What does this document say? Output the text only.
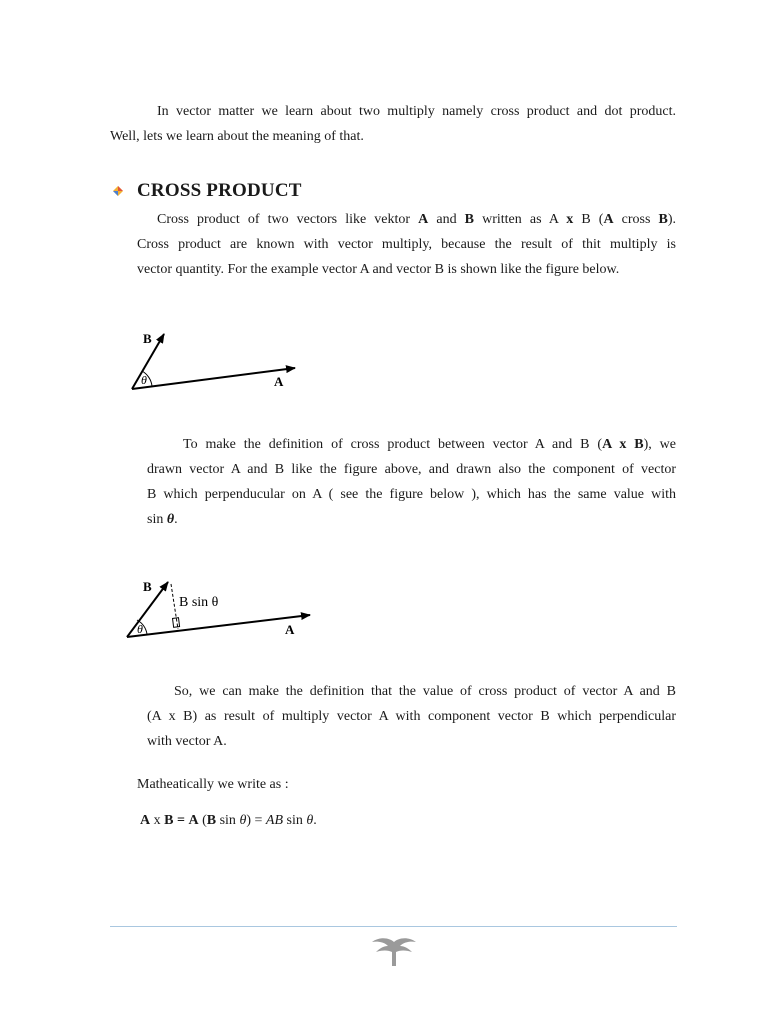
In vector matter we learn about two multiply namely cross product and dot product.
Well, lets we learn about the meaning of that.
CROSS PRODUCT
Cross product of two vectors like vektor A and B written as A x B (A cross B).
Cross product are known with vector multiply, because the result of thit multiply is
vector quantity. For the example vector A and vector B is shown like the figure below.
θ
B
A
To make the definition of cross product between vector A and B (A x B), we
drawn vector A and B like the figure above, and drawn also the component of vector
B which perpenducular on A ( see the figure below ), which has the same value with
sin θ.
θ
B
A
B sin θ
So, we can make the definition that the value of cross product of vector A and B
(A x B) as result of multiply vector A with component vector B which perpendicular
with vector A.
Matheatically we write as :
A x B = A (B sin θ) = AB sin θ.
